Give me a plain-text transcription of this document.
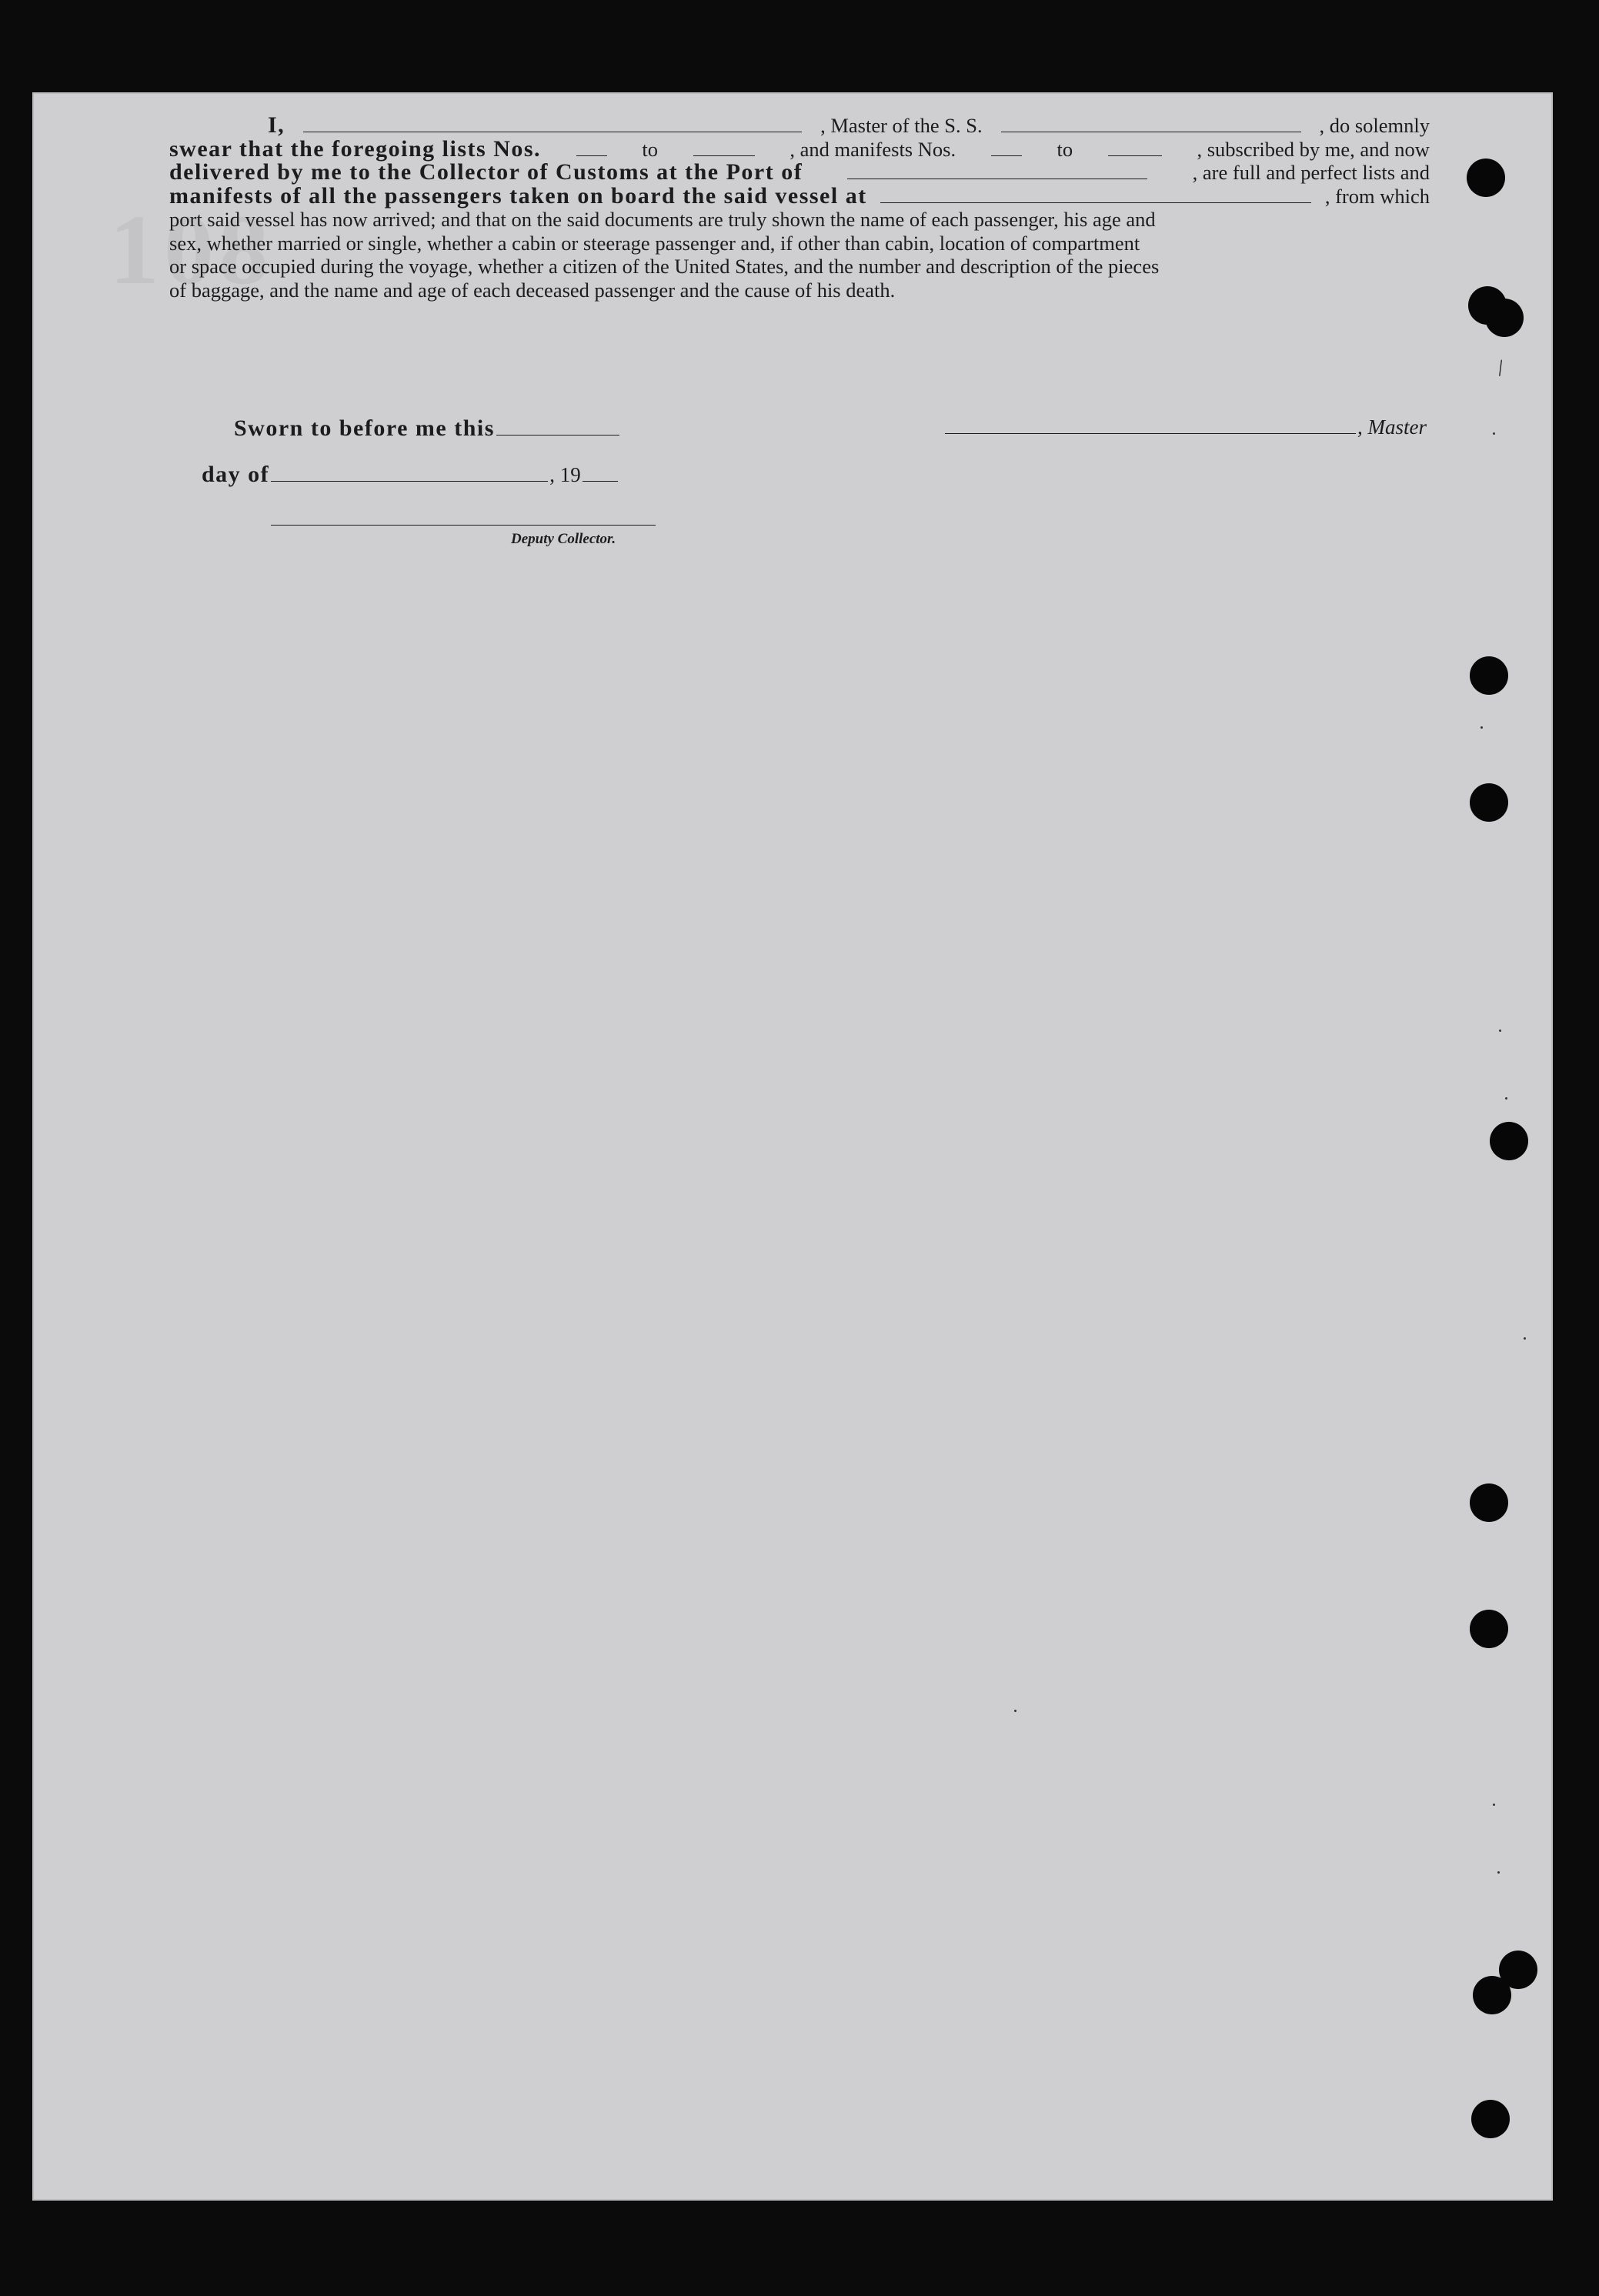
108
I,	, Master of the S. S.	, do solemnly
swear that the foregoing lists Nos.	to	, and manifests Nos.	to	, subscribed by me, and now
delivered by me to the Collector of Customs at the Port of	, are full and perfect lists and
manifests of all the passengers taken on board the said vessel at	, from which
port said vessel has now arrived; and that on the said documents are truly shown the name of each passenger, his age and
sex, whether married or single, whether a cabin or steerage passenger and, if other than cabin, location of compartment
or space occupied during the voyage, whether a citizen of the United States, and the number and description of the pieces
of baggage, and the name and age of each deceased passenger and the cause of his death.
Sworn to before me this	, Master
day of	, 19
Deputy Collector.
/
